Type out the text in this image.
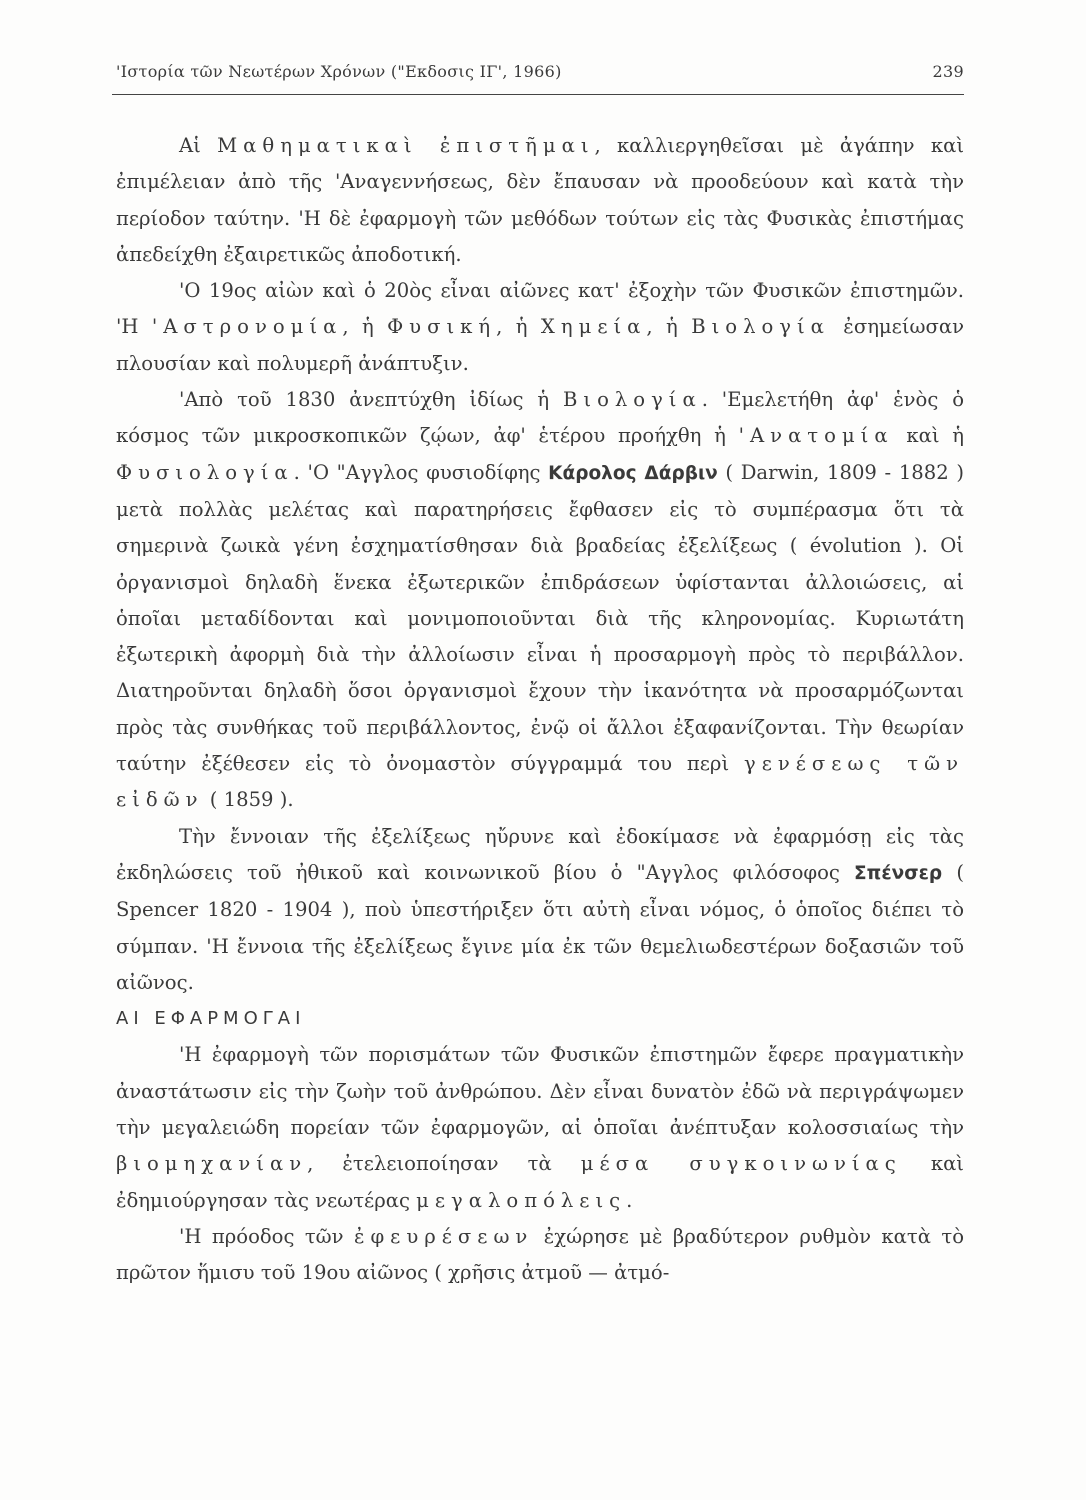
'Ιστορία τῶν Νεωτέρων Χρόνων ("Εκδοσις ΙΓ', 1966)	239

Αἱ Μαθηματικαὶ ἐπιστῆμαι, καλλιεργηθεῖσαι μὲ ἀγάπην καὶ ἐπιμέλειαν ἀπὸ τῆς 'Αναγεννήσεως, δὲν ἔπαυσαν νὰ προοδεύουν καὶ κατὰ τὴν περίοδον ταύτην. 'Η δὲ ἐφαρμογὴ τῶν μεθόδων τούτων εἰς τὰς Φυσικὰς ἐπιστήμας ἀπεδείχθη ἐξαιρετικῶς ἀποδοτική.

'Ο 19ος αἰὼν καὶ ὁ 20ὸς εἶναι αἰῶνες κατ' ἐξοχὴν τῶν Φυσικῶν ἐπιστημῶν. 'Η 'Αστρονομία, ἡ Φυσική, ἡ Χημεία, ἡ Βιολογία ἐσημείωσαν πλουσίαν καὶ πολυμερῆ ἀνάπτυξιν.

'Απὸ τοῦ 1830 ἀνεπτύχθη ἰδίως ἡ Βιολογία. 'Εμελετήθη ἀφ' ἑνὸς ὁ κόσμος τῶν μικροσκοπικῶν ζῴων, ἀφ' ἑτέρου προήχθη ἡ 'Ανατομία καὶ ἡ Φυσιολογία. 'Ο "Αγγλος φυσιοδίφης Κάρολος Δάρβιν ( Darwin, 1809 - 1882 ) μετὰ πολλὰς μελέτας καὶ παρατηρήσεις ἔφθασεν εἰς τὸ συμπέρασμα ὅτι τὰ σημερινὰ ζωικὰ γένη ἐσχηματίσθησαν διὰ βραδείας ἐξελίξεως ( évolution ). Οἱ ὀργανισμοὶ δηλαδὴ ἕνεκα ἐξωτερικῶν ἐπιδράσεων ὑφίστανται ἀλλοιώσεις, αἱ ὁποῖαι μεταδίδονται καὶ μονιμοποιοῦνται διὰ τῆς κληρονομίας. Κυριωτάτη ἐξωτερικὴ ἀφορμὴ διὰ τὴν ἀλλοίωσιν εἶναι ἡ προσαρμογὴ πρὸς τὸ περιβάλλον. Διατηροῦνται δηλαδὴ ὅσοι ὀργανισμοὶ ἔχουν τὴν ἱκανότητα νὰ προσαρμόζωνται πρὸς τὰς συνθήκας τοῦ περιβάλλοντος, ἐνῷ οἱ ἄλλοι ἐξαφανίζονται. Τὴν θεωρίαν ταύτην ἐξέθεσεν εἰς τὸ ὀνομαστὸν σύγγραμμά του περὶ γενέσεως τῶν εἰδῶν ( 1859 ).

Τὴν ἔννοιαν τῆς ἐξελίξεως ηὔρυνε καὶ ἐδοκίμασε νὰ ἐφαρμόσῃ εἰς τὰς ἐκδηλώσεις τοῦ ἠθικοῦ καὶ κοινωνικοῦ βίου ὁ "Αγγλος φιλόσοφος Σπένσερ ( Spencer 1820 - 1904 ), ποὺ ὑπεστήριξεν ὅτι αὐτὴ εἶναι νόμος, ὁ ὁποῖος διέπει τὸ σύμπαν. 'Η ἔννοια τῆς ἐξελίξεως ἔγινε μία ἐκ τῶν θεμελιωδεστέρων δοξασιῶν τοῦ αἰῶνος.

ΑΙ ΕΦΑΡΜΟΓΑΙ

'Η ἐφαρμογὴ τῶν πορισμάτων τῶν Φυσικῶν ἐπιστημῶν ἔφερε πραγματικὴν ἀναστάτωσιν εἰς τὴν ζωὴν τοῦ ἀνθρώπου. Δὲν εἶναι δυνατὸν ἐδῶ νὰ περιγράψωμεν τὴν μεγαλειώδη πορείαν τῶν ἐφαρμογῶν, αἱ ὁποῖαι ἀνέπτυξαν κολοσσιαίως τὴν βιομηχανίαν, ἐτελειοποίησαν τὰ μέσα συγκοινωνίας καὶ ἐδημιούργησαν τὰς νεωτέρας μεγαλοπόλεις.

'Η πρόοδος τῶν ἐφευρέσεων ἐχώρησε μὲ βραδύτερον ρυθμὸν κατὰ τὸ πρῶτον ἥμισυ τοῦ 19ου αἰῶνος ( χρῆσις ἀτμοῦ — ἀτμό-
